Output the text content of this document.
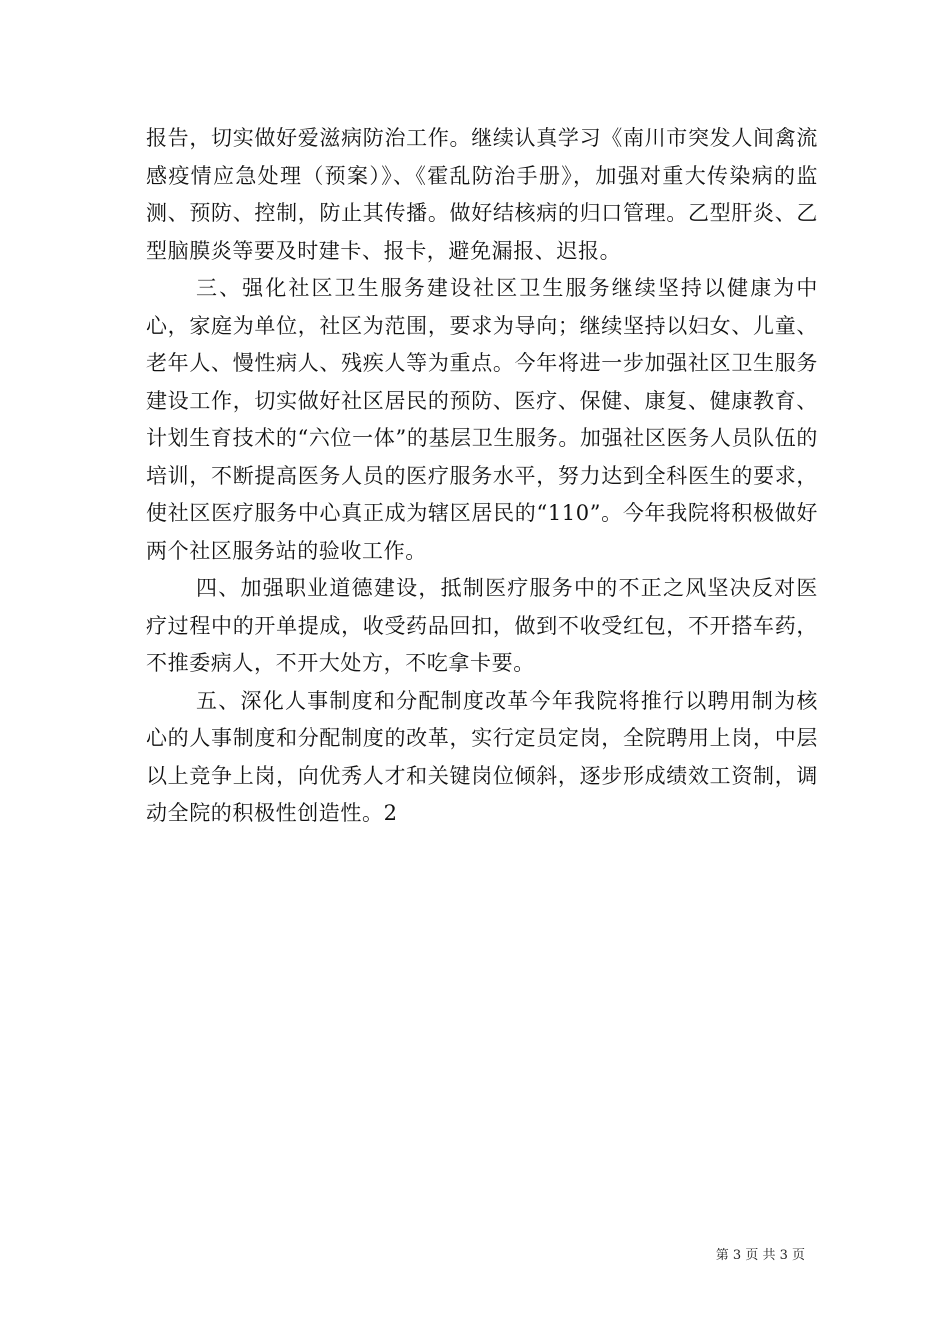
报告，切实做好爱滋病防治工作。继续认真学习《南川市突发人间禽流感疫情应急处理（预案）》、《霍乱防治手册》，加强对重大传染病的监测、预防、控制，防止其传播。做好结核病的归口管理。乙型肝炎、乙型脑膜炎等要及时建卡、报卡，避免漏报、迟报。

三、强化社区卫生服务建设社区卫生服务继续坚持以健康为中心，家庭为单位，社区为范围，要求为导向；继续坚持以妇女、儿童、老年人、慢性病人、残疾人等为重点。今年将进一步加强社区卫生服务建设工作，切实做好社区居民的预防、医疗、保健、康复、健康教育、计划生育技术的“六位一体”的基层卫生服务。加强社区医务人员队伍的培训，不断提高医务人员的医疗服务水平，努力达到全科医生的要求，使社区医疗服务中心真正成为辖区居民的“110”。今年我院将积极做好两个社区服务站的验收工作。

四、加强职业道德建设，抵制医疗服务中的不正之风坚决反对医疗过程中的开单提成，收受药品回扣，做到不收受红包，不开搭车药，不推委病人，不开大处方，不吃拿卡要。

五、深化人事制度和分配制度改革今年我院将推行以聘用制为核心的人事制度和分配制度的改革，实行定员定岗，全院聘用上岗，中层以上竞争上岗，向优秀人才和关键岗位倾斜，逐步形成绩效工资制，调动全院的积极性创造性。2

第 3 页 共 3 页
